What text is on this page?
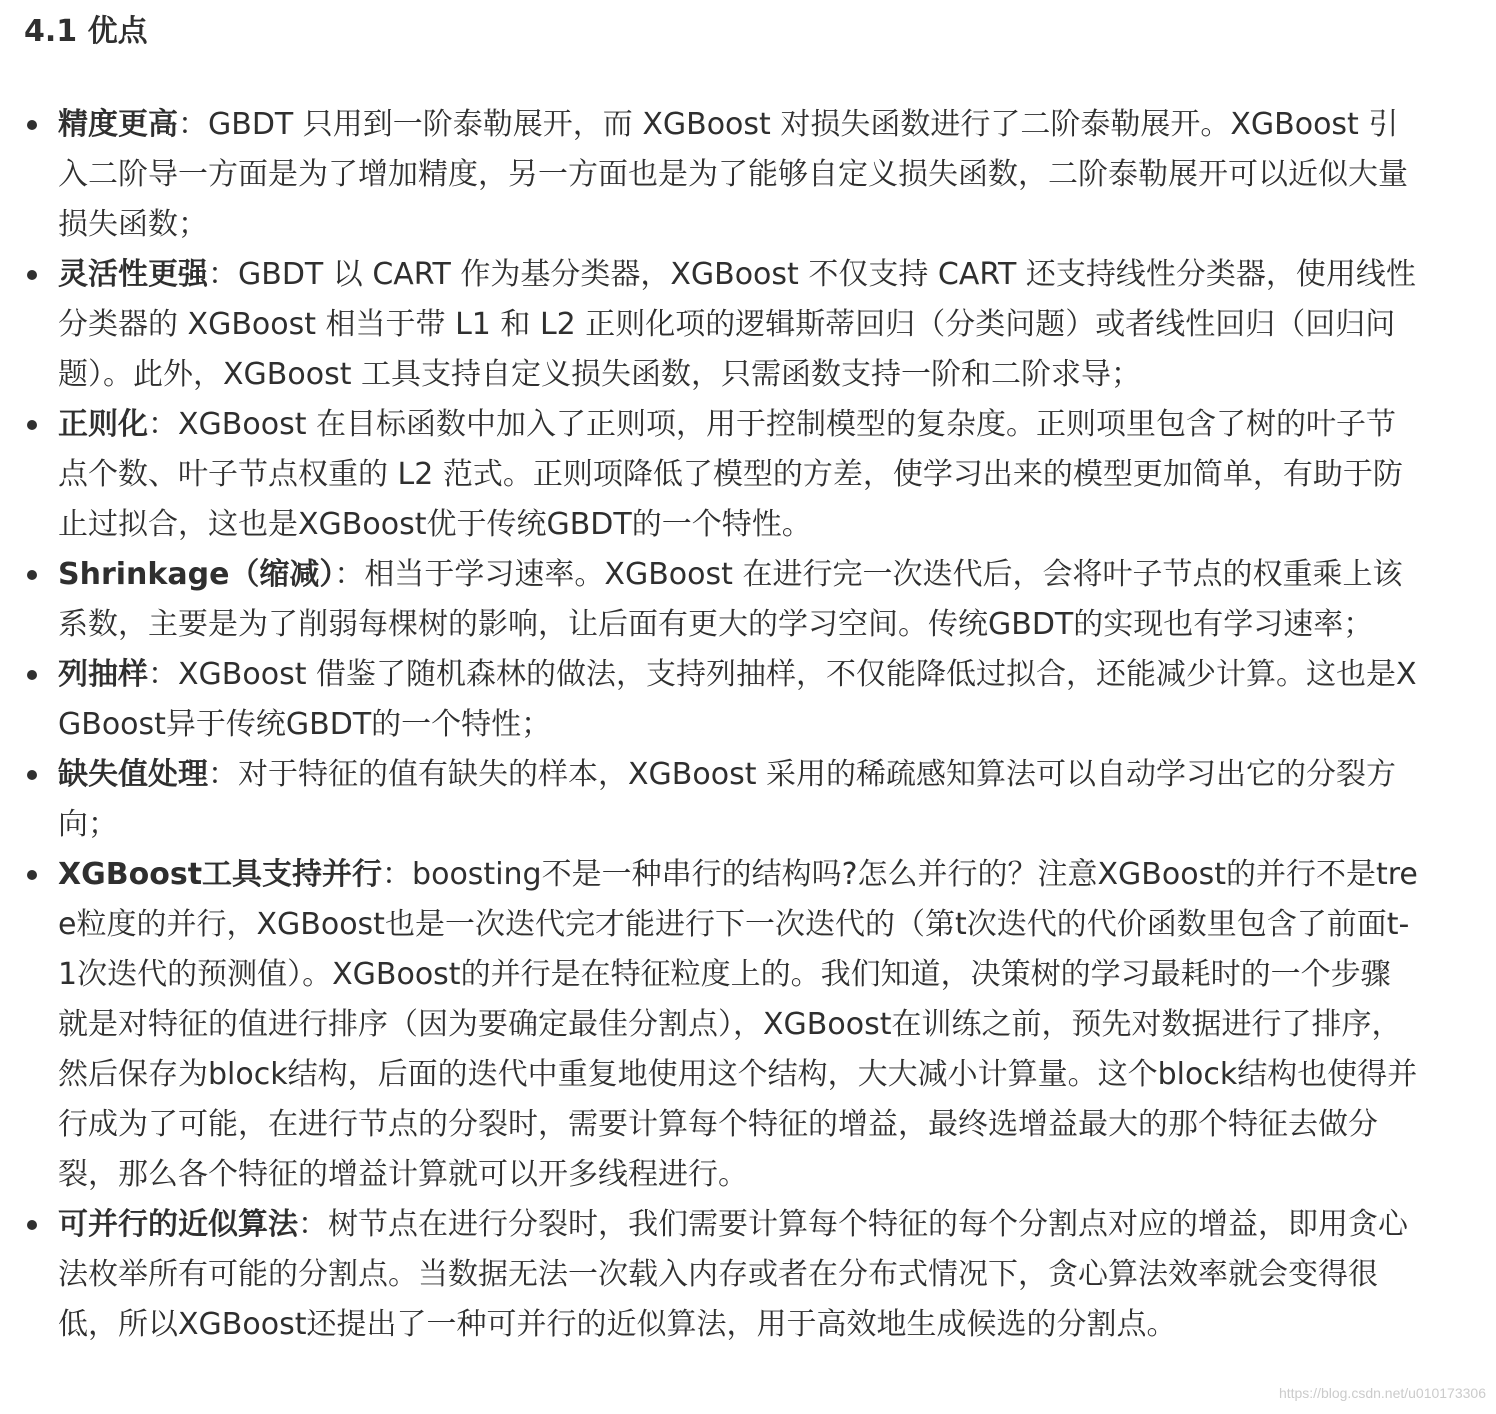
4.1 优点
精度更高：GBDT 只用到一阶泰勒展开，而 XGBoost 对损失函数进行了二阶泰勒展开。XGBoost 引入二阶导一方面是为了增加精度，另一方面也是为了能够自定义损失函数，二阶泰勒展开可以近似大量损失函数；
灵活性更强：GBDT 以 CART 作为基分类器，XGBoost 不仅支持 CART 还支持线性分类器，使用线性分类器的 XGBoost 相当于带 L1 和 L2 正则化项的逻辑斯蒂回归（分类问题）或者线性回归（回归问题）。此外，XGBoost 工具支持自定义损失函数，只需函数支持一阶和二阶求导；
正则化：XGBoost 在目标函数中加入了正则项，用于控制模型的复杂度。正则项里包含了树的叶子节点个数、叶子节点权重的 L2 范式。正则项降低了模型的方差，使学习出来的模型更加简单，有助于防止过拟合，这也是XGBoost优于传统GBDT的一个特性。
Shrinkage（缩减）：相当于学习速率。XGBoost 在进行完一次迭代后，会将叶子节点的权重乘上该系数，主要是为了削弱每棵树的影响，让后面有更大的学习空间。传统GBDT的实现也有学习速率；
列抽样：XGBoost 借鉴了随机森林的做法，支持列抽样，不仅能降低过拟合，还能减少计算。这也是XGBoost异于传统GBDT的一个特性；
缺失值处理：对于特征的值有缺失的样本，XGBoost 采用的稀疏感知算法可以自动学习出它的分裂方向；
XGBoost工具支持并行：boosting不是一种串行的结构吗?怎么并行的？注意XGBoost的并行不是tree粒度的并行，XGBoost也是一次迭代完才能进行下一次迭代的（第t次迭代的代价函数里包含了前面t-1次迭代的预测值）。XGBoost的并行是在特征粒度上的。我们知道，决策树的学习最耗时的一个步骤就是对特征的值进行排序（因为要确定最佳分割点），XGBoost在训练之前，预先对数据进行了排序，然后保存为block结构，后面的迭代中重复地使用这个结构，大大减小计算量。这个block结构也使得并行成为了可能，在进行节点的分裂时，需要计算每个特征的增益，最终选增益最大的那个特征去做分裂，那么各个特征的增益计算就可以开多线程进行。
可并行的近似算法：树节点在进行分裂时，我们需要计算每个特征的每个分割点对应的增益，即用贪心法枚举所有可能的分割点。当数据无法一次载入内存或者在分布式情况下，贪心算法效率就会变得很低，所以XGBoost还提出了一种可并行的近似算法，用于高效地生成候选的分割点。
https://blog.csdn.net/u010173306
